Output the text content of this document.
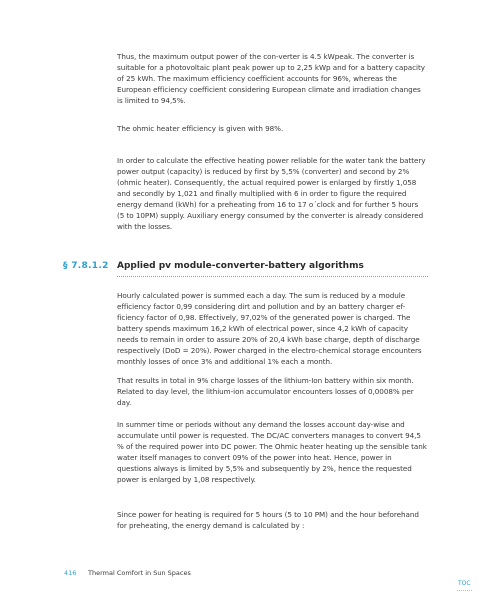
Thus, the maximum output power of the con-verter is 4.5 kWpeak. The converter is suitable for a photovoltaic plant peak power up to 2,25 kWp and for a battery capacity of 25 kWh. The maximum efficiency coefficient accounts for 96%, whereas the European efficiency coefficient considering European climate and irradiation changes is limited to 94,5%.

The ohmic heater efficiency is given with 98%.

In order to calculate the effective heating power reliable for the water tank the battery power output (capacity) is reduced by first by 5,5% (converter) and second by 2% (ohmic heater). Consequently, the actual required power is enlarged by firstly 1,058 and secondly by 1,021 and finally multiplied with 6 in order to figure the required energy demand (kWh) for a preheating from 16 to 17 o´clock and for further 5 hours (5 to 10PM) supply. Auxiliary energy consumed by the converter is already considered with the losses.

§ 7.8.1.2 Applied pv module-converter-battery algorithms

Hourly calculated power is summed each a day. The sum is reduced by a module efficiency factor 0,99 considering dirt and pollution and by an battery charger ef-ficiency factor of 0,98. Effectively, 97,02% of the generated power is charged. The battery spends maximum 16,2 kWh of electrical power, since 4,2 kWh of capacity needs to remain in order to assure 20% of 20,4 kWh base charge, depth of discharge respectively (DoD = 20%). Power charged in the electro-chemical storage encounters monthly losses of once 3% and additional 1% each a month.

That results in total in 9% charge losses of the lithium-Ion battery within six month. Related to day level, the lithium-ion accumulator encounters losses of 0,0008% per day.

In summer time or periods without any demand the losses account day-wise and accumulate until power is requested. The DC/AC converters manages to convert 94,5 % of the required power into DC power. The Ohmic heater heating up the sensible tank water itself manages to convert 09% of the power into heat. Hence, power in questions always is limited by 5,5% and subsequently by 2%, hence the requested power is enlarged by 1,08 respectively.

Since power for heating is required for 5 hours (5 to 10 PM) and the hour beforehand for preheating, the energy demand is calculated by :

416 Thermal Comfort in Sun Spaces
TOC
